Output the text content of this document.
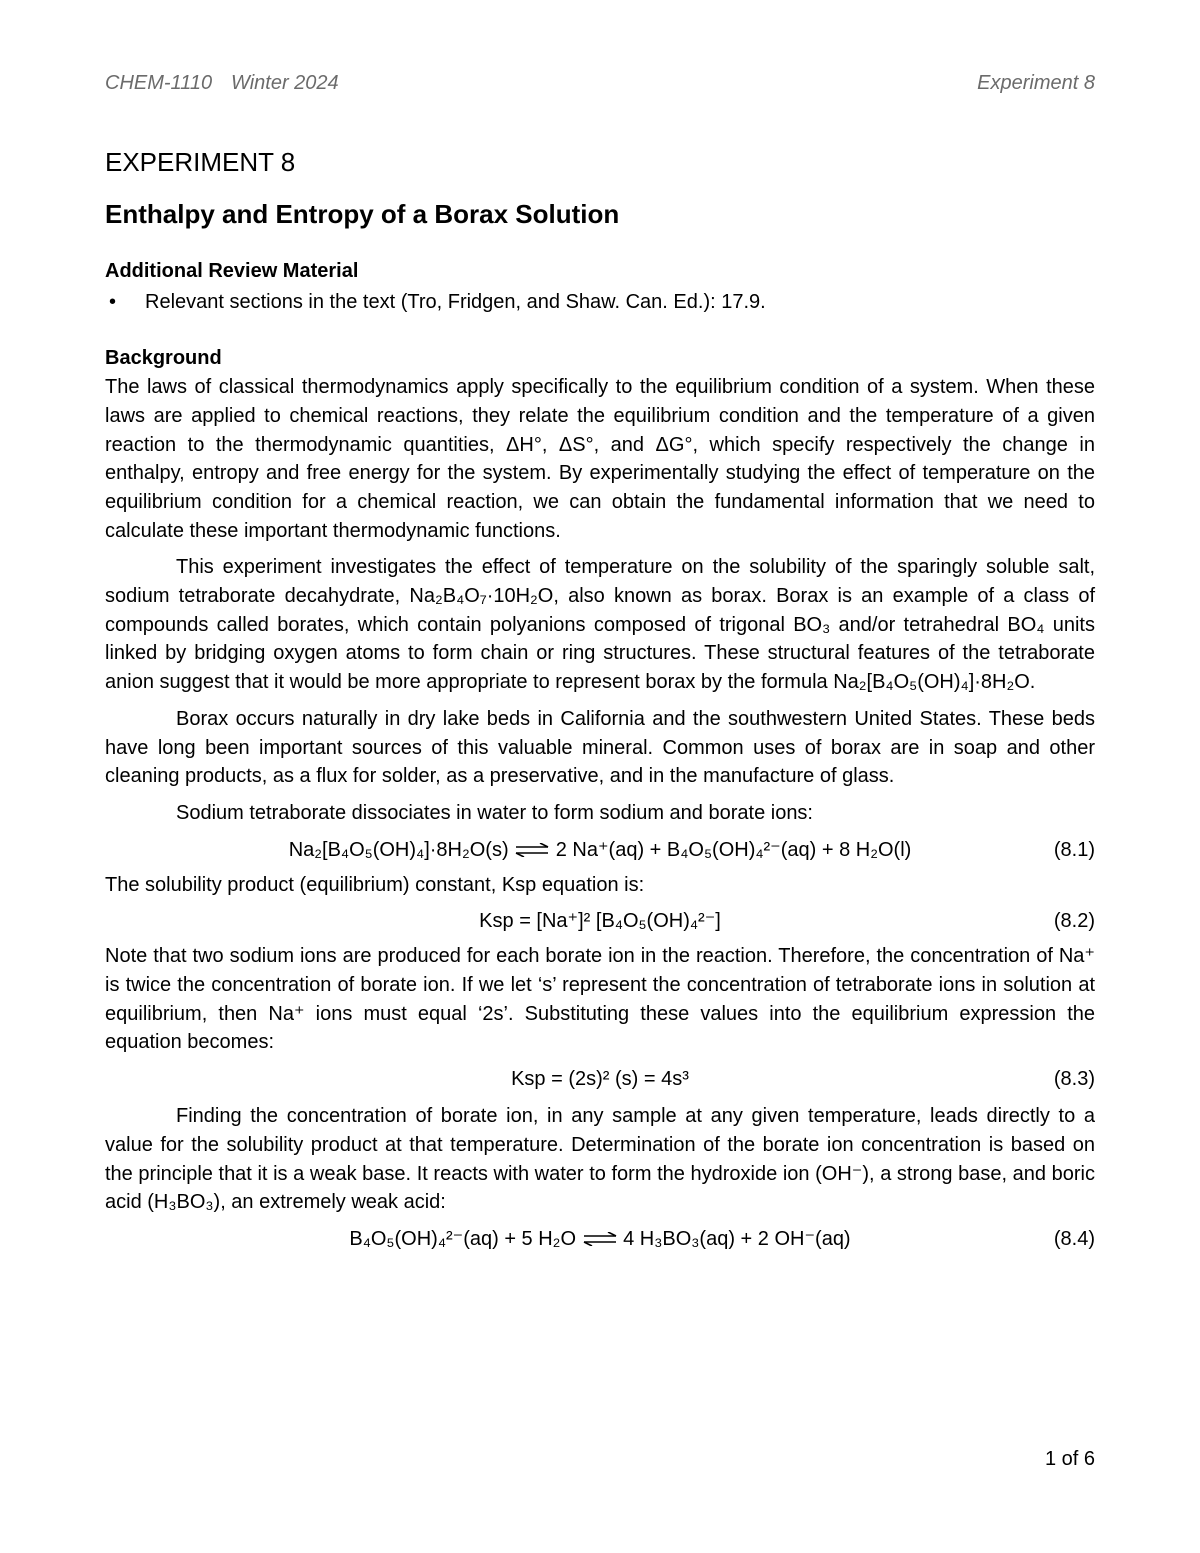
CHEM-1110 Winter 2024	Experiment 8
EXPERIMENT 8
Enthalpy and Entropy of a Borax Solution
Additional Review Material
•	Relevant sections in the text (Tro, Fridgen, and Shaw. Can. Ed.): 17.9.
Background

The laws of classical thermodynamics apply specifically to the equilibrium condition of a system. When these laws are applied to chemical reactions, they relate the equilibrium condition and the temperature of a given reaction to the thermodynamic quantities, ΔH°, ΔS°, and ΔG°, which specify respectively the change in enthalpy, entropy and free energy for the system. By experimentally studying the effect of temperature on the equilibrium condition for a chemical reaction, we can obtain the fundamental information that we need to calculate these important thermodynamic functions.

This experiment investigates the effect of temperature on the solubility of the sparingly soluble salt, sodium tetraborate decahydrate, Na₂B₄O₇·10H₂O, also known as borax. Borax is an example of a class of compounds called borates, which contain polyanions composed of trigonal BO₃ and/or tetrahedral BO₄ units linked by bridging oxygen atoms to form chain or ring structures. These structural features of the tetraborate anion suggest that it would be more appropriate to represent borax by the formula Na₂[B₄O₅(OH)₄]·8H₂O.

Borax occurs naturally in dry lake beds in California and the southwestern United States. These beds have long been important sources of this valuable mineral. Common uses of borax are in soap and other cleaning products, as a flux for solder, as a preservative, and in the manufacture of glass.

Sodium tetraborate dissociates in water to form sodium and borate ions:

Na₂[B₄O₅(OH)₄]·8H₂O(s) ⇌ 2 Na⁺(aq) + B₄O₅(OH)₄²⁻(aq) + 8 H₂O(l)	(8.1)

The solubility product (equilibrium) constant, Ksp equation is:

Ksp = [Na⁺]² [B₄O₅(OH)₄²⁻]	(8.2)

Note that two sodium ions are produced for each borate ion in the reaction. Therefore, the concentration of Na⁺ is twice the concentration of borate ion. If we let ‘s’ represent the concentration of tetraborate ions in solution at equilibrium, then Na⁺ ions must equal ‘2s’. Substituting these values into the equilibrium expression the equation becomes:

Ksp = (2s)² (s) = 4s³	(8.3)

Finding the concentration of borate ion, in any sample at any given temperature, leads directly to a value for the solubility product at that temperature. Determination of the borate ion concentration is based on the principle that it is a weak base. It reacts with water to form the hydroxide ion (OH⁻), a strong base, and boric acid (H₃BO₃), an extremely weak acid:

B₄O₅(OH)₄²⁻(aq) + 5 H₂O ⇌ 4 H₃BO₃(aq) + 2 OH⁻(aq)	(8.4)
1 of 6
